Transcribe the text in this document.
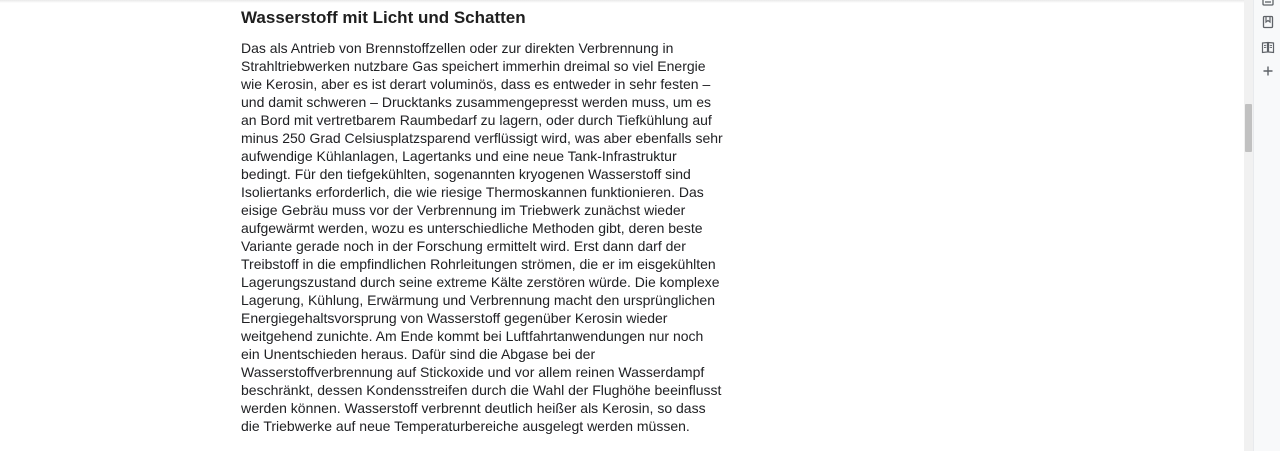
Wasserstoff mit Licht und Schatten

Das als Antrieb von Brennstoffzellen oder zur direkten Verbrennung in
Strahltriebwerken nutzbare Gas speichert immerhin dreimal so viel Energie
wie Kerosin, aber es ist derart voluminös, dass es entweder in sehr festen –
und damit schweren – Drucktanks zusammengepresst werden muss, um es
an Bord mit vertretbarem Raumbedarf zu lagern, oder durch Tiefkühlung auf
minus 250 Grad Celsiusplatzsparend verflüssigt wird, was aber ebenfalls sehr
aufwendige Kühlanlagen, Lagertanks und eine neue Tank-Infrastruktur
bedingt. Für den tiefgekühlten, sogenannten kryogenen Wasserstoff sind
Isoliertanks erforderlich, die wie riesige Thermoskannen funktionieren. Das
eisige Gebräu muss vor der Verbrennung im Triebwerk zunächst wieder
aufgewärmt werden, wozu es unterschiedliche Methoden gibt, deren beste
Variante gerade noch in der Forschung ermittelt wird. Erst dann darf der
Treibstoff in die empfindlichen Rohrleitungen strömen, die er im eisgekühlten
Lagerungszustand durch seine extreme Kälte zerstören würde. Die komplexe
Lagerung, Kühlung, Erwärmung und Verbrennung macht den ursprünglichen
Energiegehaltsvorsprung von Wasserstoff gegenüber Kerosin wieder
weitgehend zunichte. Am Ende kommt bei Luftfahrtanwendungen nur noch
ein Unentschieden heraus. Dafür sind die Abgase bei der
Wasserstoffverbrennung auf Stickoxide und vor allem reinen Wasserdampf
beschränkt, dessen Kondensstreifen durch die Wahl der Flughöhe beeinflusst
werden können. Wasserstoff verbrennt deutlich heißer als Kerosin, so dass
die Triebwerke auf neue Temperaturbereiche ausgelegt werden müssen.
